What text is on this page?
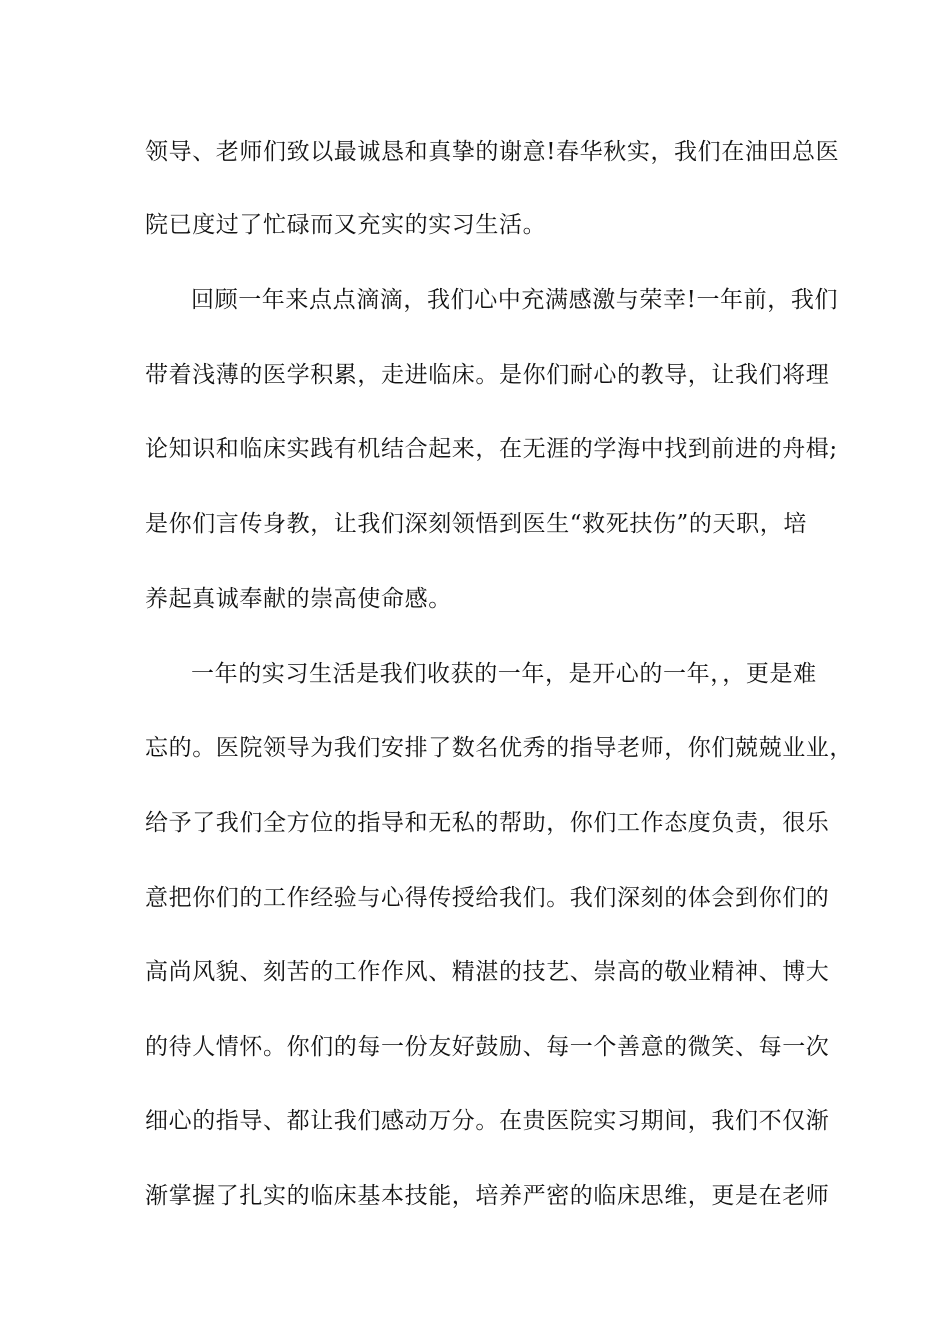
领导、老师们致以最诚恳和真挚的谢意!春华秋实，我们在油田总医
院已度过了忙碌而又充实的实习生活。
回顾一年来点点滴滴，我们心中充满感激与荣幸!一年前，我们
带着浅薄的医学积累，走进临床。是你们耐心的教导，让我们将理
论知识和临床实践有机结合起来，在无涯的学海中找到前进的舟楫;
是你们言传身教，让我们深刻领悟到医生“救死扶伤”的天职，培
养起真诚奉献的崇高使命感。
一年的实习生活是我们收获的一年，是开心的一年，，更是难
忘的。医院领导为我们安排了数名优秀的指导老师，你们兢兢业业，
给予了我们全方位的指导和无私的帮助，你们工作态度负责，很乐
意把你们的工作经验与心得传授给我们。我们深刻的体会到你们的
高尚风貌、刻苦的工作作风、精湛的技艺、崇高的敬业精神、博大
的待人情怀。你们的每一份友好鼓励、每一个善意的微笑、每一次
细心的指导、都让我们感动万分。在贵医院实习期间，我们不仅渐
渐掌握了扎实的临床基本技能，培养严密的临床思维，更是在老师
